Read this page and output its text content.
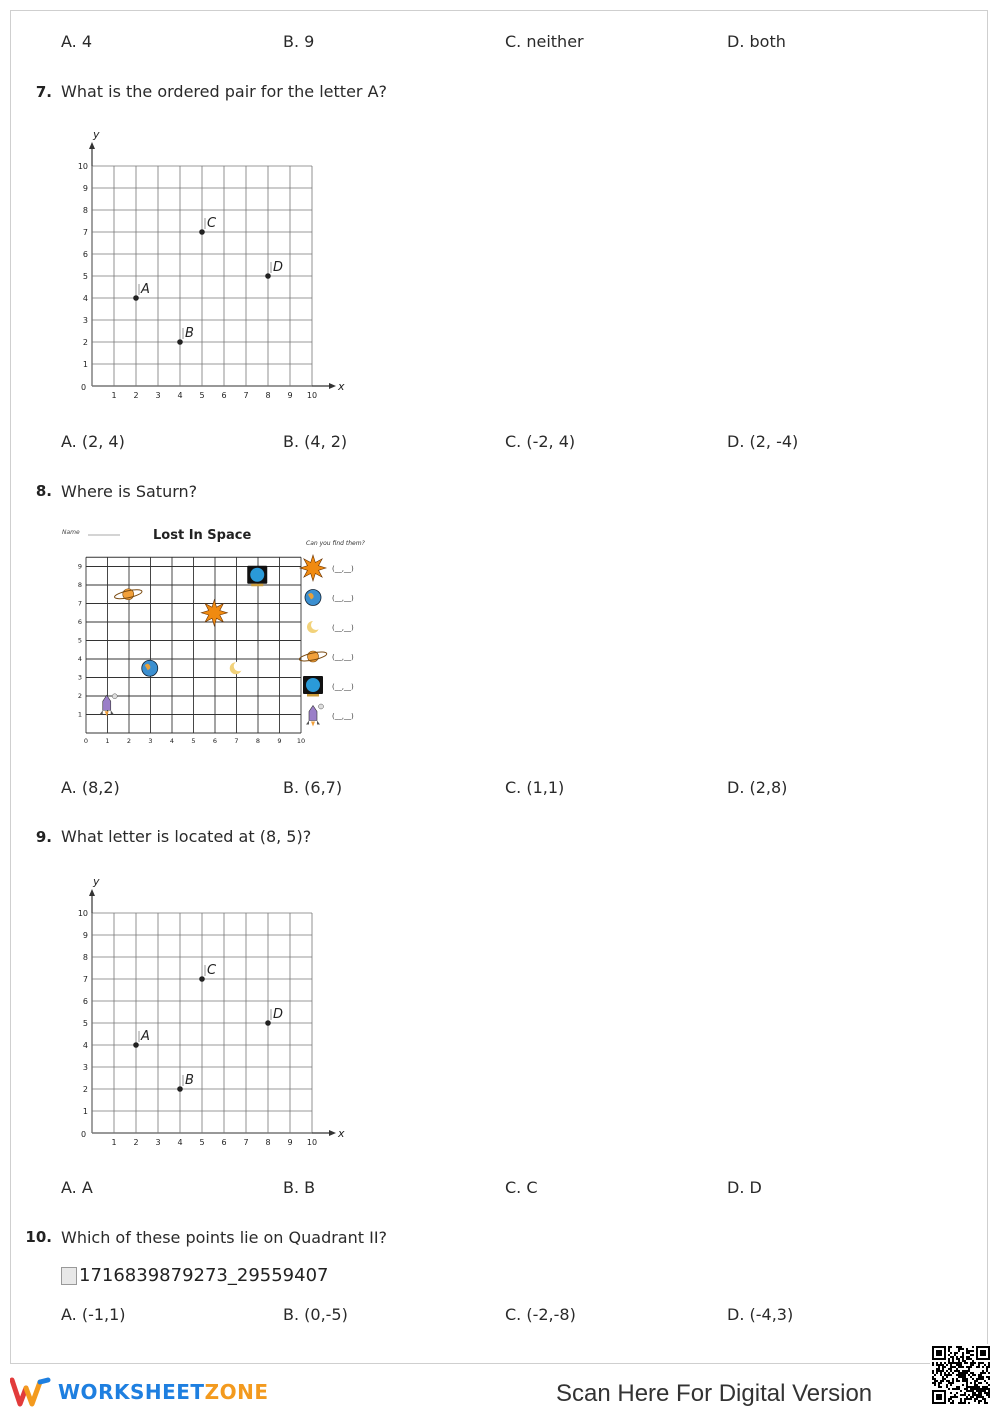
A. 4	B. 9	C. neither	D. both
7. What is the ordered pair for the letter A?
x
y
0
1 2 3 4 5 6 7 8 9 10
1
2
3
4
5
6
7
8
9
10
A
B
C
D
A. (2, 4)	B. (4, 2)	C. (-2, 4)	D. (2, -4)
8. Where is Saturn?
Name	Lost In Space
Can you find them?
0	1	2	3	4	5	6	7	8	9 10
1
2
3
4
5
6
7
8
9	(__,__)
(__,__)
(__,__)
(__,__)
(__,__)
(__,__)
A. (8,2)	B. (6,7)	C. (1,1)	D. (2,8)
9. What letter is located at (8, 5)?
x
y
0
1 2 3 4 5 6 7 8 9 10
1
2
3
4
5
6
7
8
9
10
A
B
C
D
A. A	B. B	C. C	D. D
10. Which of these points lie on Quadrant II?
1716839879273_29559407
A. (-1,1)	B. (0,-5)	C. (-2,-8)	D. (-4,3)
WORKSHEET ZONE	Scan Here For Digital Version
